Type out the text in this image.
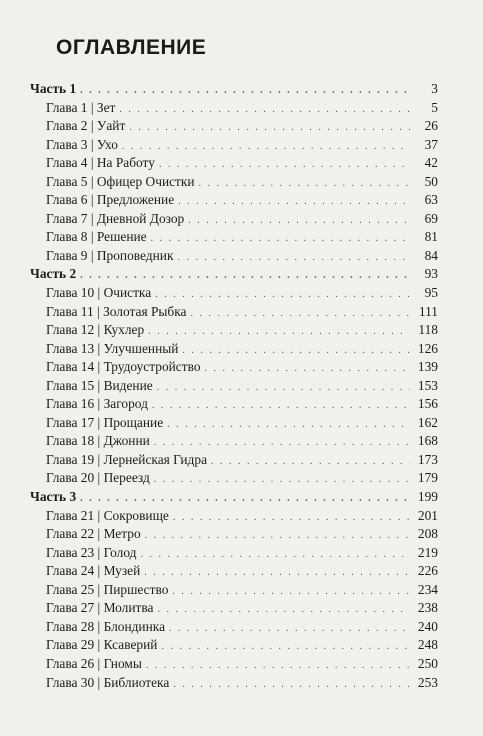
ОГЛАВЛЕНИЕ
Часть 1 . . .	3
Глава 1 | Зет . . .	5
Глава 2 | Уайт . . .	26
Глава 3 | Ухо . . .	37
Глава 4 | На Работу . . .	42
Глава 5 | Офицер Очистки . . .	50
Глава 6 | Предложение . . .	63
Глава 7 | Дневной Дозор . . .	69
Глава 8 | Решение . . .	81
Глава 9 | Проповедник . . .	84
Часть 2 . . .	93
Глава 10 | Очистка . . .	95
Глава 11 | Золотая Рыбка . . .	111
Глава 12 | Кухлер . . .	118
Глава 13 | Улучшенный . . .	126
Глава 14 | Трудоустройство . . .	139
Глава 15 | Видение . . .	153
Глава 16 | Загород . . .	156
Глава 17 | Прощание . . .	162
Глава 18 | Джонни . . .	168
Глава 19 | Лернейская Гидра . . .	173
Глава 20 | Переезд . . .	179
Часть 3 . . .	199
Глава 21 | Сокровище . . .	201
Глава 22 | Метро . . .	208
Глава 23 | Голод . . .	219
Глава 24 | Музей . . .	226
Глава 25 | Пиршество . . .	234
Глава 27 | Молитва . . .	238
Глава 28 | Блондинка . . .	240
Глава 29 | Ксаверий . . .	248
Глава 26 | Гномы . . .	250
Глава 30 | Библиотека . . .	253
